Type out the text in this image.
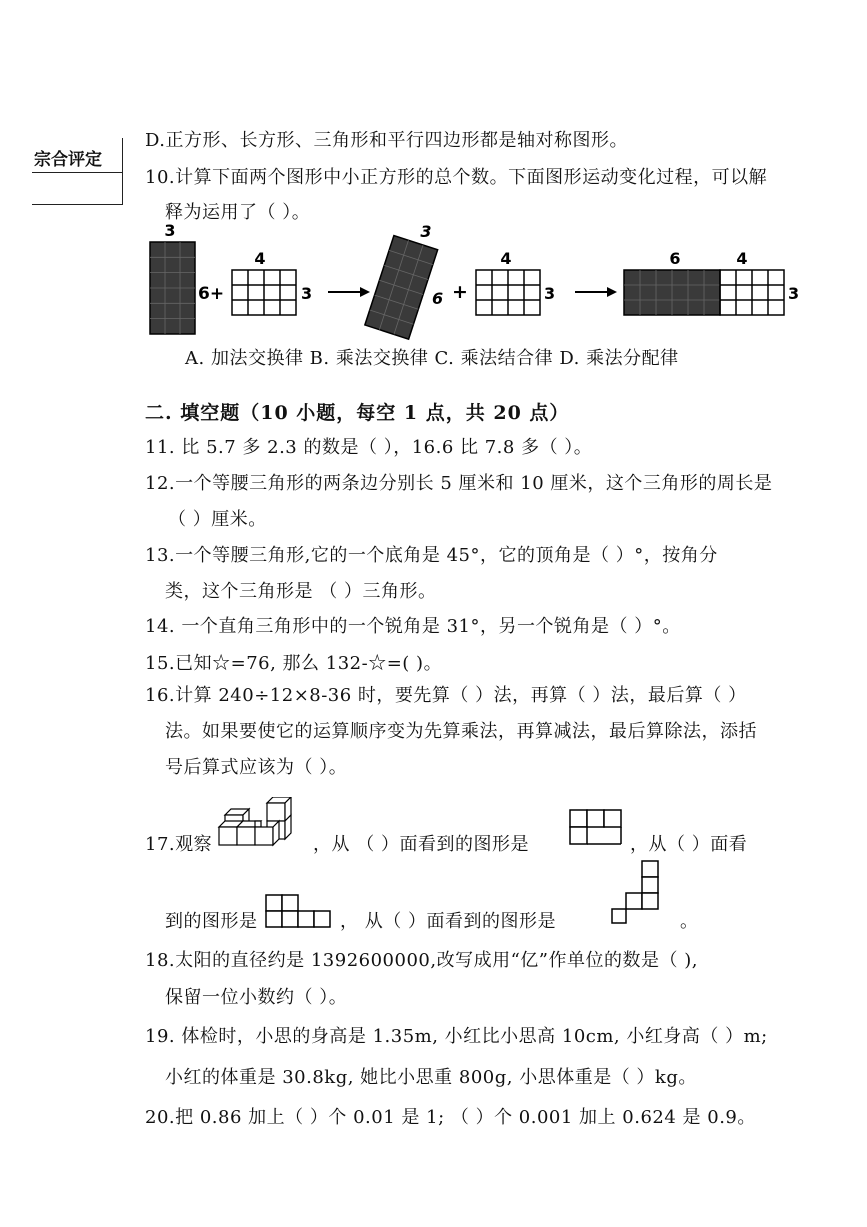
宗合评定
D.正方形、长方形、三角形和平行四边形都是轴对称图形。
10.计算下面两个图形中小正方形的总个数。下面图形运动变化过程，可以解
释为运用了（ ）。
3
6+
4
3
3
6 +
4
3
6	4
3
A. 加法交换律 B. 乘法交换律 C. 乘法结合律 D. 乘法分配律
二. 填空题（10 小题，每空 1 点，共 20 点）
11. 比 5.7 多 2.3 的数是（ ），16.6 比 7.8 多（ ）。
12.一个等腰三角形的两条边分别长 5 厘米和 10 厘米，这个三角形的周长是
（ ）厘米。
13.一个等腰三角形,它的一个底角是 45°，它的顶角是（ ）°，按角分
类，这个三角形是 （ ）三角形。
14. 一个直角三角形中的一个锐角是 31°，另一个锐角是（ ）°。
15.已知☆=76, 那么 132-☆=( )。
16.计算 240÷12×8-36 时，要先算（ ）法，再算（ ）法，最后算（ ）
法。如果要使它的运算顺序变为先算乘法，再算减法，最后算除法，添括
号后算式应该为（ ）。
17.观察	，从 （ ）面看到的图形是	，从（ ）面看
到的图形是	， 从（ ）面看到的图形是	。
18.太阳的直径约是 1392600000,改写成用“亿”作单位的数是（ ),
保留一位小数约（ ）。
19. 体检时，小思的身高是 1.35m, 小红比小思高 10cm, 小红身高（ ）m;
小红的体重是 30.8kg, 她比小思重 800g, 小思体重是（ ）kg。
20.把 0.86 加上（ ）个 0.01 是 1; （ ）个 0.001 加上 0.624 是 0.9。
